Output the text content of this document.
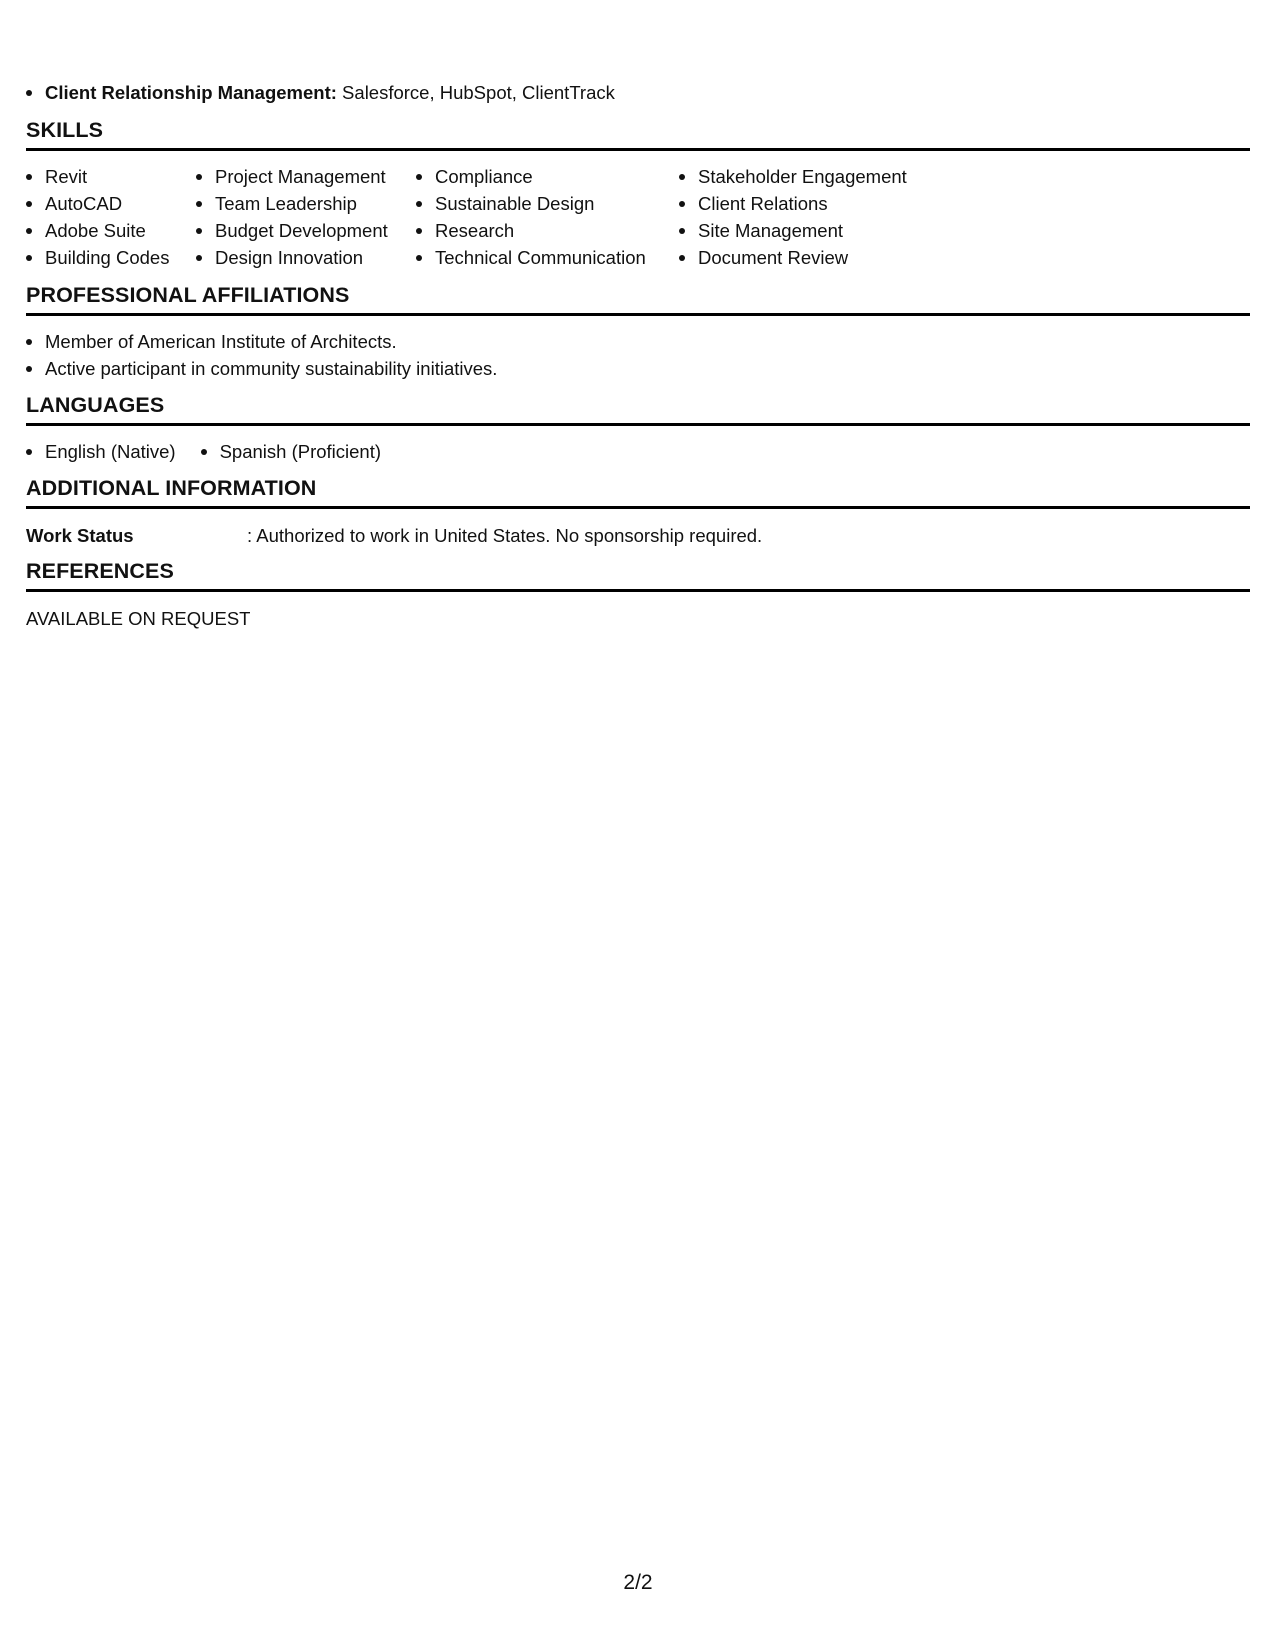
Client Relationship Management: Salesforce, HubSpot, ClientTrack
SKILLS
Revit
AutoCAD
Adobe Suite
Building Codes
Project Management
Team Leadership
Budget Development
Design Innovation
Compliance
Sustainable Design
Research
Technical Communication
Stakeholder Engagement
Client Relations
Site Management
Document Review
PROFESSIONAL AFFILIATIONS
Member of American Institute of Architects.
Active participant in community sustainability initiatives.
LANGUAGES
English (Native)	Spanish (Proficient)
ADDITIONAL INFORMATION
Work Status	: Authorized to work in United States. No sponsorship required.
REFERENCES
AVAILABLE ON REQUEST
2/2
